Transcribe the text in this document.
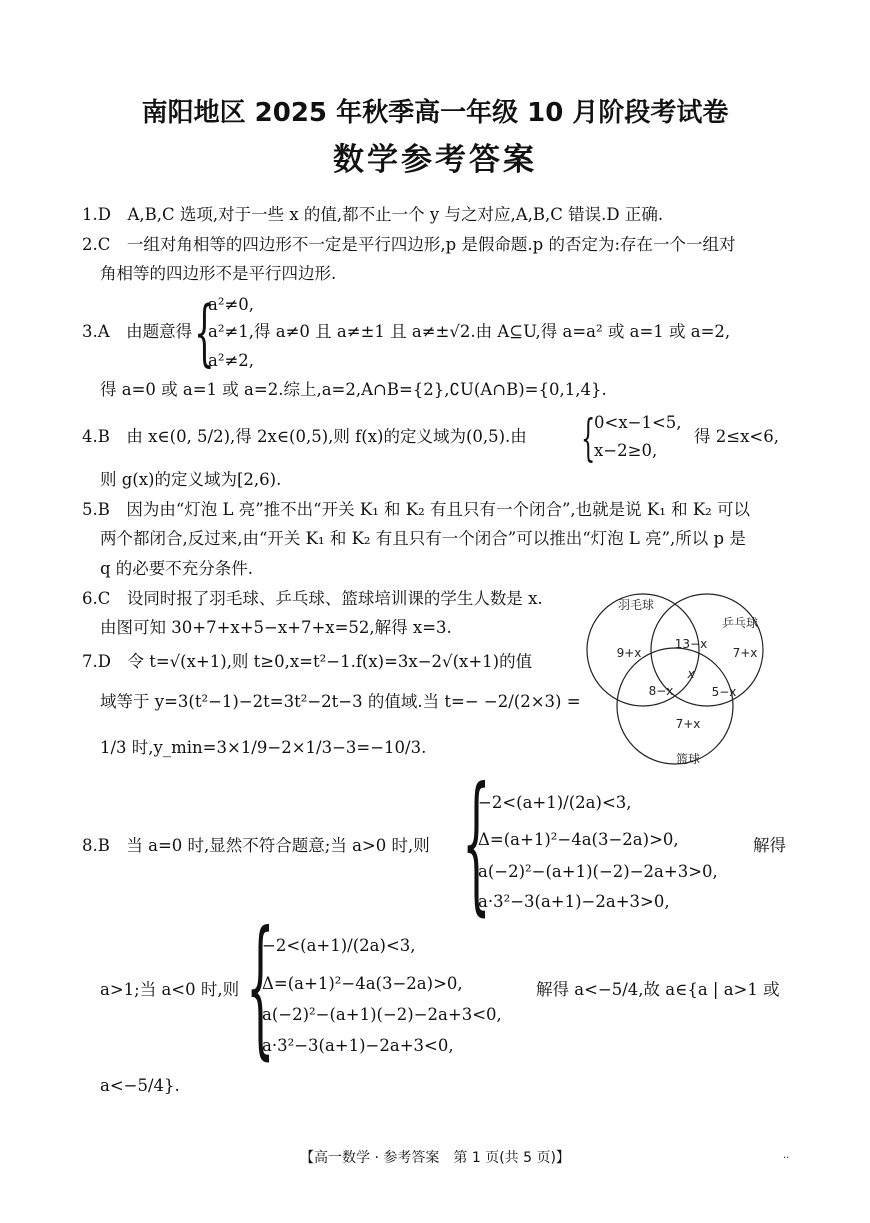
南阳地区 2025 年秋季高一年级 10 月阶段考试卷
数学参考答案
1.D　A,B,C 选项,对于一些 x 的值,都不止一个 y 与之对应,A,B,C 错误.D 正确.
2.C　一组对角相等的四边形不一定是平行四边形,p 是假命题.p 的否定为:存在一个一组对
角相等的四边形不是平行四边形.
3.A　由题意得 {
a²≠0,
a²≠1,得 a≠0 且 a≠±1 且 a≠±√2.由 A⊆U,得 a=a² 或 a=1 或 a=2,
a²≠2,
得 a=0 或 a=1 或 a=2.综上,a=2,A∩B={2},∁U(A∩B)={0,1,4}.
4.B　由 x∈(0, 5/2),得 2x∈(0,5),则 f(x)的定义域为(0,5).由 {
0<x−1<5,
x−2≥0,
得 2≤x<6,
则 g(x)的定义域为[2,6).
5.B　因为由“灯泡 L 亮”推不出“开关 K₁ 和 K₂ 有且只有一个闭合”,也就是说 K₁ 和 K₂ 可以
两个都闭合,反过来,由“开关 K₁ 和 K₂ 有且只有一个闭合”可以推出“灯泡 L 亮”,所以 p 是
q 的必要不充分条件.
6.C　设同时报了羽毛球、乒乓球、篮球培训课的学生人数是 x.
由图可知 30+7+x+5−x+7+x=52,解得 x=3.
7.D　令 t=√(x+1),则 t≥0,x=t²−1.f(x)=3x−2√(x+1)的值
域等于 y=3(t²−1)−2t=3t²−2t−3 的值域.当 t=− −2/(2×3) =
1/3 时,y_min=3×1/9−2×1/3−3=−10/3.
羽毛球
乒乓球
篮球
9+x	7+x
7+x
13−x
8−x	5−x
x
8.B　当 a=0 时,显然不符合题意;当 a>0 时,则 {
−2<(a+1)/(2a)<3,
Δ=(a+1)²−4a(3−2a)>0,
a(−2)²−(a+1)(−2)−2a+3>0,
a·3²−3(a+1)−2a+3>0,
解得
a>1;当 a<0 时,则 {
−2<(a+1)/(2a)<3,
Δ=(a+1)²−4a(3−2a)>0,
a(−2)²−(a+1)(−2)−2a+3<0,
a·3²−3(a+1)−2a+3<0,
解得 a<−5/4,故 a∈{a | a>1 或
a<−5/4}.
【高一数学 · 参考答案　第 1 页(共 5 页)】	··
